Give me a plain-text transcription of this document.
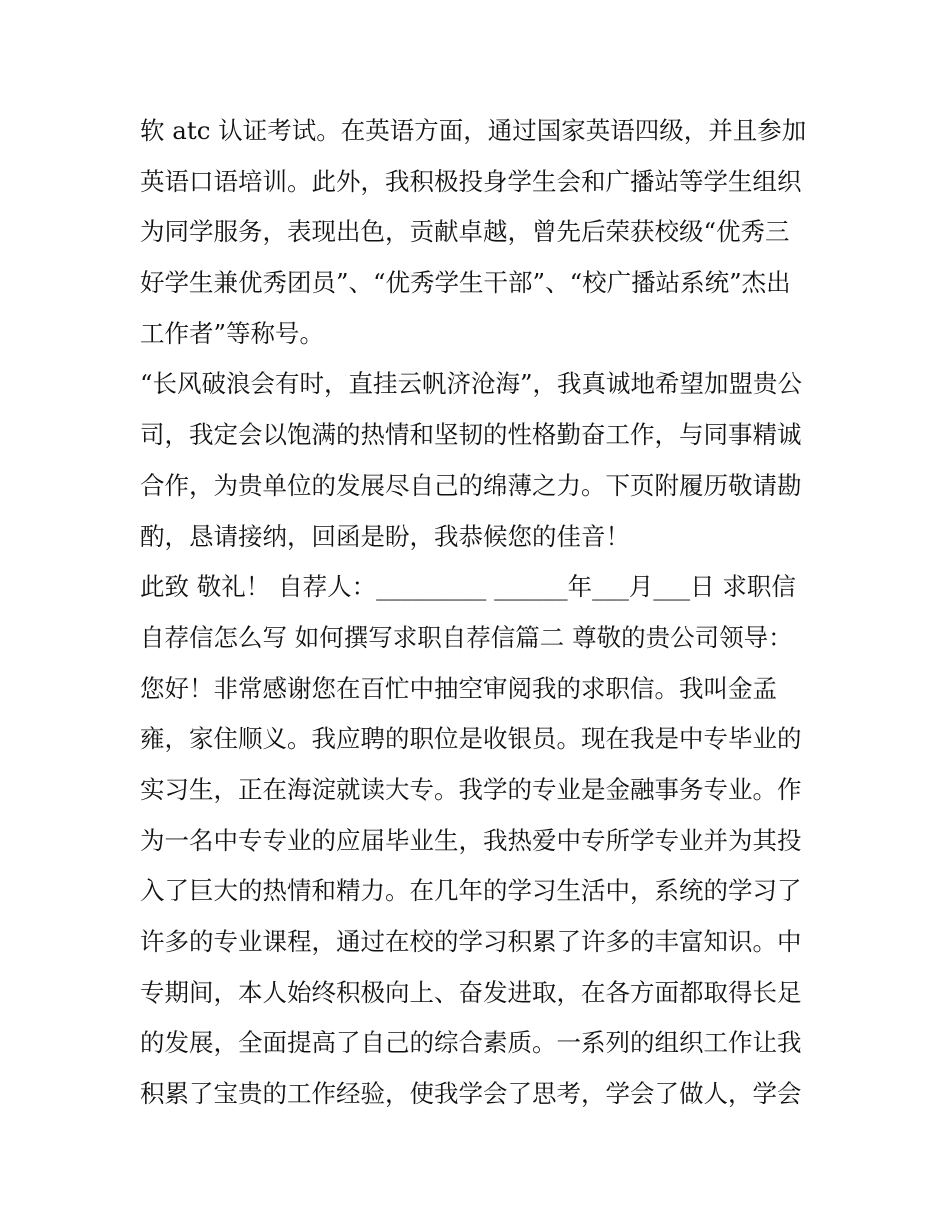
软 atc 认证考试。在英语方面，通过国家英语四级，并且参加
英语口语培训。此外，我积极投身学生会和广播站等学生组织
为同学服务，表现出色，贡献卓越，曾先后荣获校级“优秀三
好学生兼优秀团员”、“优秀学生干部”、“校广播站系统”杰出
工作者”等称号。
“长风破浪会有时，直挂云帆济沧海”，我真诚地希望加盟贵公
司，我定会以饱满的热情和坚韧的性格勤奋工作，与同事精诚
合作，为贵单位的发展尽自己的绵薄之力。下页附履历敬请勘
酌，恳请接纳，回函是盼，我恭候您的佳音！
此致 敬礼！ 自荐人：_________ ______年___月___日 求职信
自荐信怎么写 如何撰写求职自荐信篇二 尊敬的贵公司领导：
您好！非常感谢您在百忙中抽空审阅我的求职信。我叫金孟
雍，家住顺义。我应聘的职位是收银员。现在我是中专毕业的
实习生，正在海淀就读大专。我学的专业是金融事务专业。作
为一名中专专业的应届毕业生，我热爱中专所学专业并为其投
入了巨大的热情和精力。在几年的学习生活中，系统的学习了
许多的专业课程，通过在校的学习积累了许多的丰富知识。中
专期间，本人始终积极向上、奋发进取，在各方面都取得长足
的发展，全面提高了自己的综合素质。一系列的组织工作让我
积累了宝贵的工作经验，使我学会了思考，学会了做人，学会
